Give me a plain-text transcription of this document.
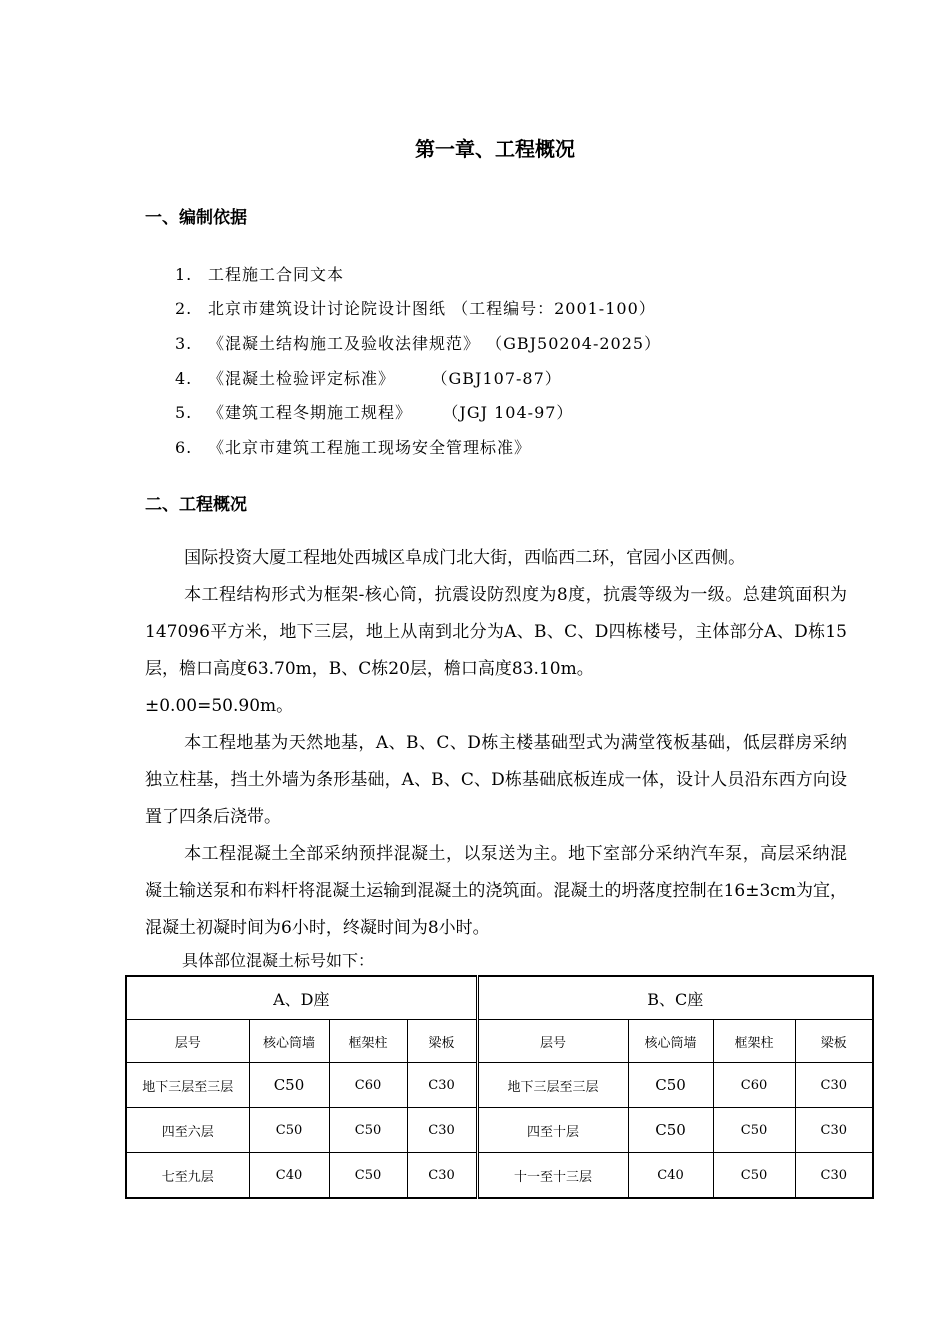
第一章、工程概况
一、编制依据
1. 工程施工合同文本
2. 北京市建筑设计讨论院设计图纸 （工程编号：2001-100）
3. 《混凝土结构施工及验收法律规范》 （GBJ50204-2025）
4. 《混凝土检验评定标准》      （GBJ107-87）
5. 《建筑工程冬期施工规程》     （JGJ 104-97）
6. 《北京市建筑工程施工现场安全管理标准》
二、工程概况

国际投资大厦工程地处西城区阜成门北大街，西临西二环，官园小区西侧。

本工程结构形式为框架-核心筒，抗震设防烈度为8度，抗震等级为一级。总建筑面积为147096平方米，地下三层，地上从南到北分为A、B、C、D四栋楼号，主体部分A、D栋15层，檐口高度63.70m，B、C栋20层，檐口高度83.10m。

±0.00=50.90m。

本工程地基为天然地基，A、B、C、D栋主楼基础型式为满堂筏板基础，低层群房采纳独立柱基，挡土外墙为条形基础，A、B、C、D栋基础底板连成一体，设计人员沿东西方向设置了四条后浇带。

本工程混凝土全部采纳预拌混凝土，以泵送为主。地下室部分采纳汽车泵，高层采纳混凝土输送泵和布料杆将混凝土运输到混凝土的浇筑面。混凝土的坍落度控制在16±3cm为宜，混凝土初凝时间为6小时，终凝时间为8小时。

具体部位混凝土标号如下：
A、D座				B、C座			
层号	核心筒墙	框架柱	梁板	层号	核心筒墙	框架柱	梁板
地下三层至三层	C50	C60	C30	地下三层至三层	C50	C60	C30
四至六层	C50	C50	C30	四至十层	C50	C50	C30
七至九层	C40	C50	C30	十一至十三层	C40	C50	C30
